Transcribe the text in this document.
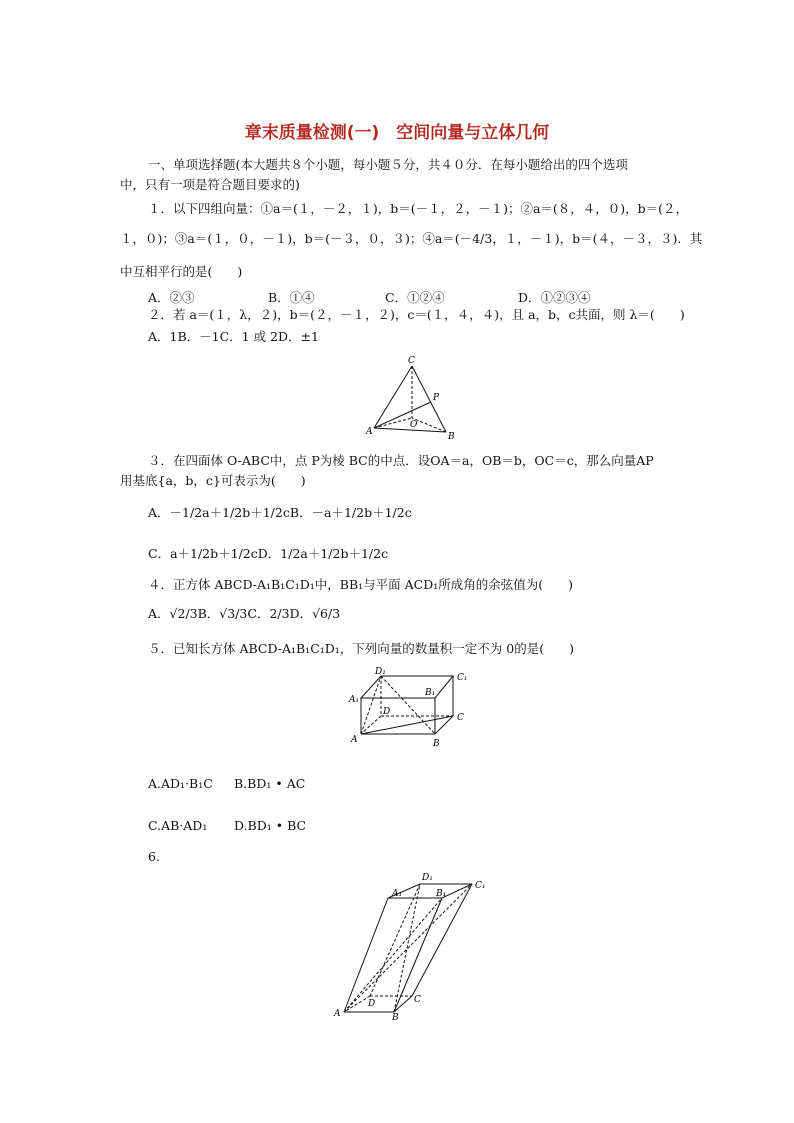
章末质量检测(一)　空间向量与立体几何
一、单项选择题(本大题共８个小题，每小题５分，共４０分．在每小题给出的四个选项
中，只有一项是符合题目要求的)
１．以下四组向量：①a＝(１，－２，１)，b＝(－１，２，－１)；②a＝(８，４，０)，b＝(２，
１，０)；③a＝(１，０，－１)，b＝(－３，０，３)；④a＝(－4/3，１，－１)，b＝(４，－３，３)．其
中互相平行的是(　　)
A．②③	B．①④	C．①②④	D．①②③④
２．若 a＝(１，λ，２)，b＝(２，－１，２)，c＝(１，４，４)，且 a，b，c共面，则 λ＝(　　)
A．1B．－1C．1 或 2D．±1
C
P
O
A	B
３．在四面体 O-ABC中，点 P为棱 BC的中点．设OA＝a，OB＝b，OC＝c，那么向量AP
用基底{a，b，c}可表示为(　　)
A．－1/2a＋1/2b＋1/2cB．－a＋1/2b＋1/2c
C．a＋1/2b＋1/2cD．1/2a＋1/2b＋1/2c
４．正方体 ABCD-A₁B₁C₁D₁中，BB₁与平面 ACD₁所成角的余弦值为(　　)
A．√2/3B．√3/3C．2/3D．√6/3
５．已知长方体 ABCD-A₁B₁C₁D₁，下列向量的数量积一定不为 0的是(　　)
D₁
C₁
A₁
B₁
D
C
A	B
A.AD₁·B₁C B.BD₁ • AC
C.AB·AD₁ D.BD₁ • BC
6.
D₁
A₁	B₁
C₁
D	C
A	B
